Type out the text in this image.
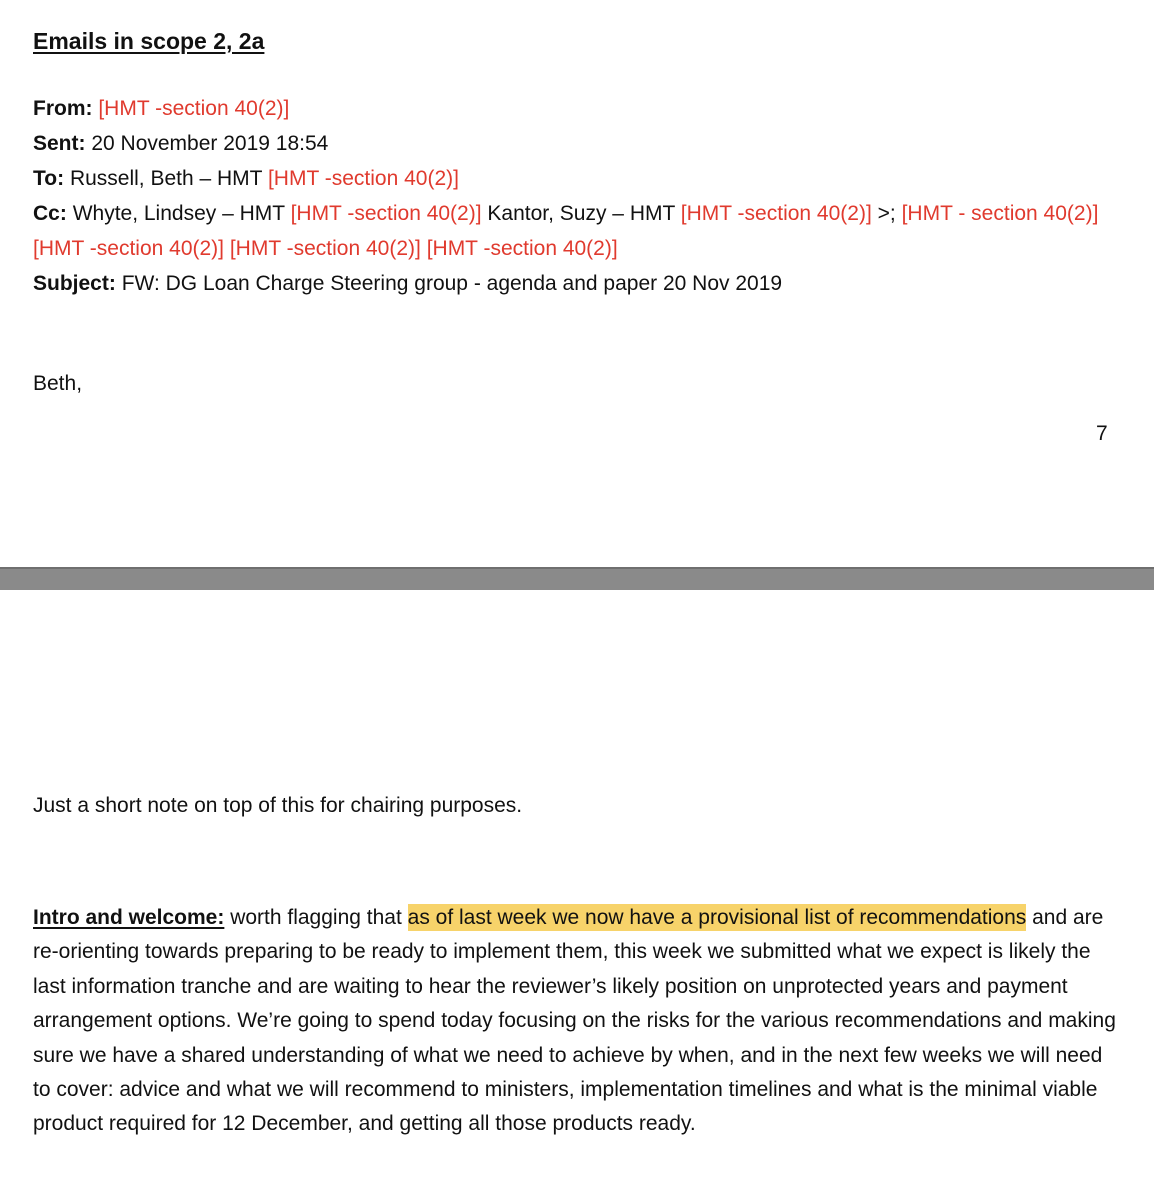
Emails in scope 2, 2a
From: [HMT -section 40(2)]
Sent: 20 November 2019 18:54
To: Russell, Beth – HMT [HMT -section 40(2)]
Cc: Whyte, Lindsey – HMT [HMT -section 40(2)] Kantor, Suzy – HMT [HMT -section 40(2)] >; [HMT - section 40(2)] [HMT -section 40(2)] [HMT -section 40(2)] [HMT -section 40(2)]
Subject: FW: DG Loan Charge Steering group - agenda and paper 20 Nov 2019
Beth,
7
Just a short note on top of this for chairing purposes.
Intro and welcome: worth flagging that as of last week we now have a provisional list of recommendations and are re-orienting towards preparing to be ready to implement them, this week we submitted what we expect is likely the last information tranche and are waiting to hear the reviewer’s likely position on unprotected years and payment arrangement options. We’re going to spend today focusing on the risks for the various recommendations and making sure we have a shared understanding of what we need to achieve by when, and in the next few weeks we will need to cover: advice and what we will recommend to ministers, implementation timelines and what is the minimal viable product required for 12 December, and getting all those products ready.
